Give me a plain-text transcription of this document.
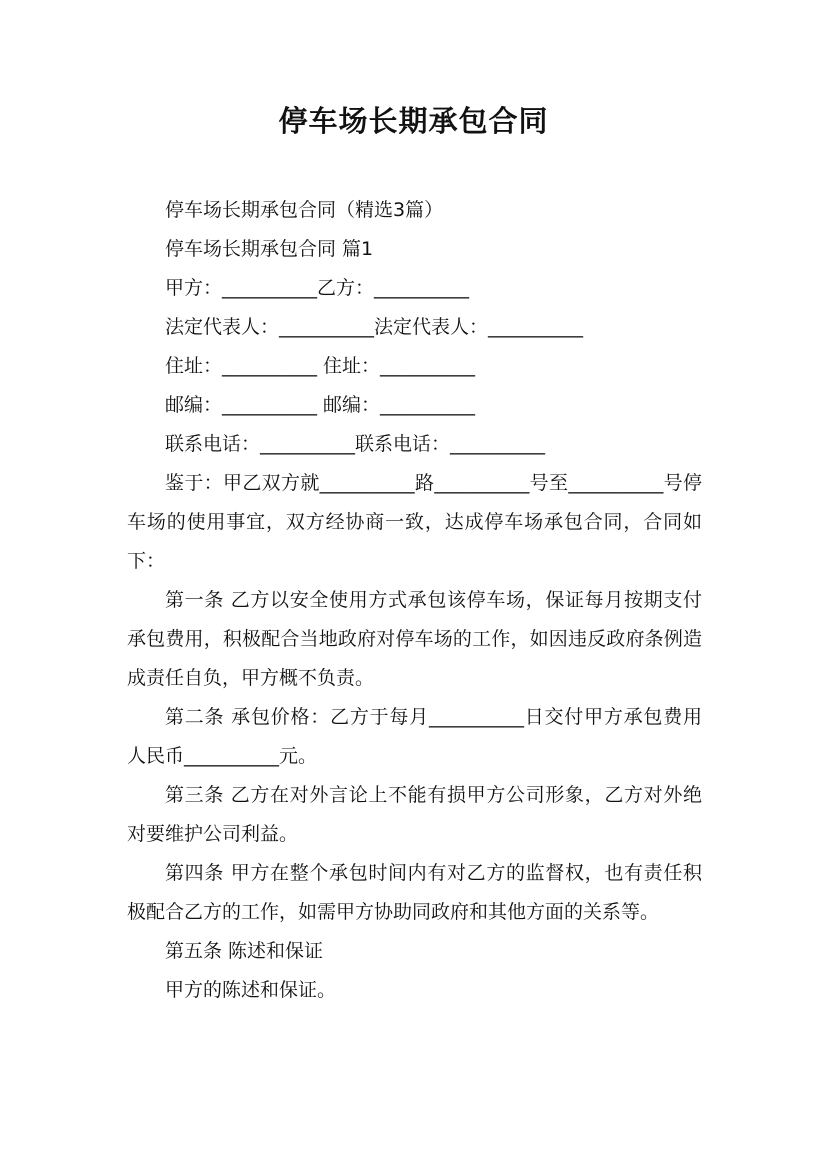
停车场长期承包合同

停车场长期承包合同（精选3篇）

停车场长期承包合同 篇1

甲方：__________乙方：__________

法定代表人：__________法定代表人：__________

住址：__________ 住址：__________

邮编：__________ 邮编：__________

联系电话：__________联系电话：__________

鉴于：甲乙双方就__________路__________号至__________号停车场的使用事宜，双方经协商一致，达成停车场承包合同，合同如下：

第一条 乙方以安全使用方式承包该停车场，保证每月按期支付承包费用，积极配合当地政府对停车场的工作，如因违反政府条例造成责任自负，甲方概不负责。

第二条 承包价格：乙方于每月__________日交付甲方承包费用人民币__________元。

第三条 乙方在对外言论上不能有损甲方公司形象，乙方对外绝对要维护公司利益。

第四条 甲方在整个承包时间内有对乙方的监督权，也有责任积极配合乙方的工作，如需甲方协助同政府和其他方面的关系等。

第五条 陈述和保证

甲方的陈述和保证。
